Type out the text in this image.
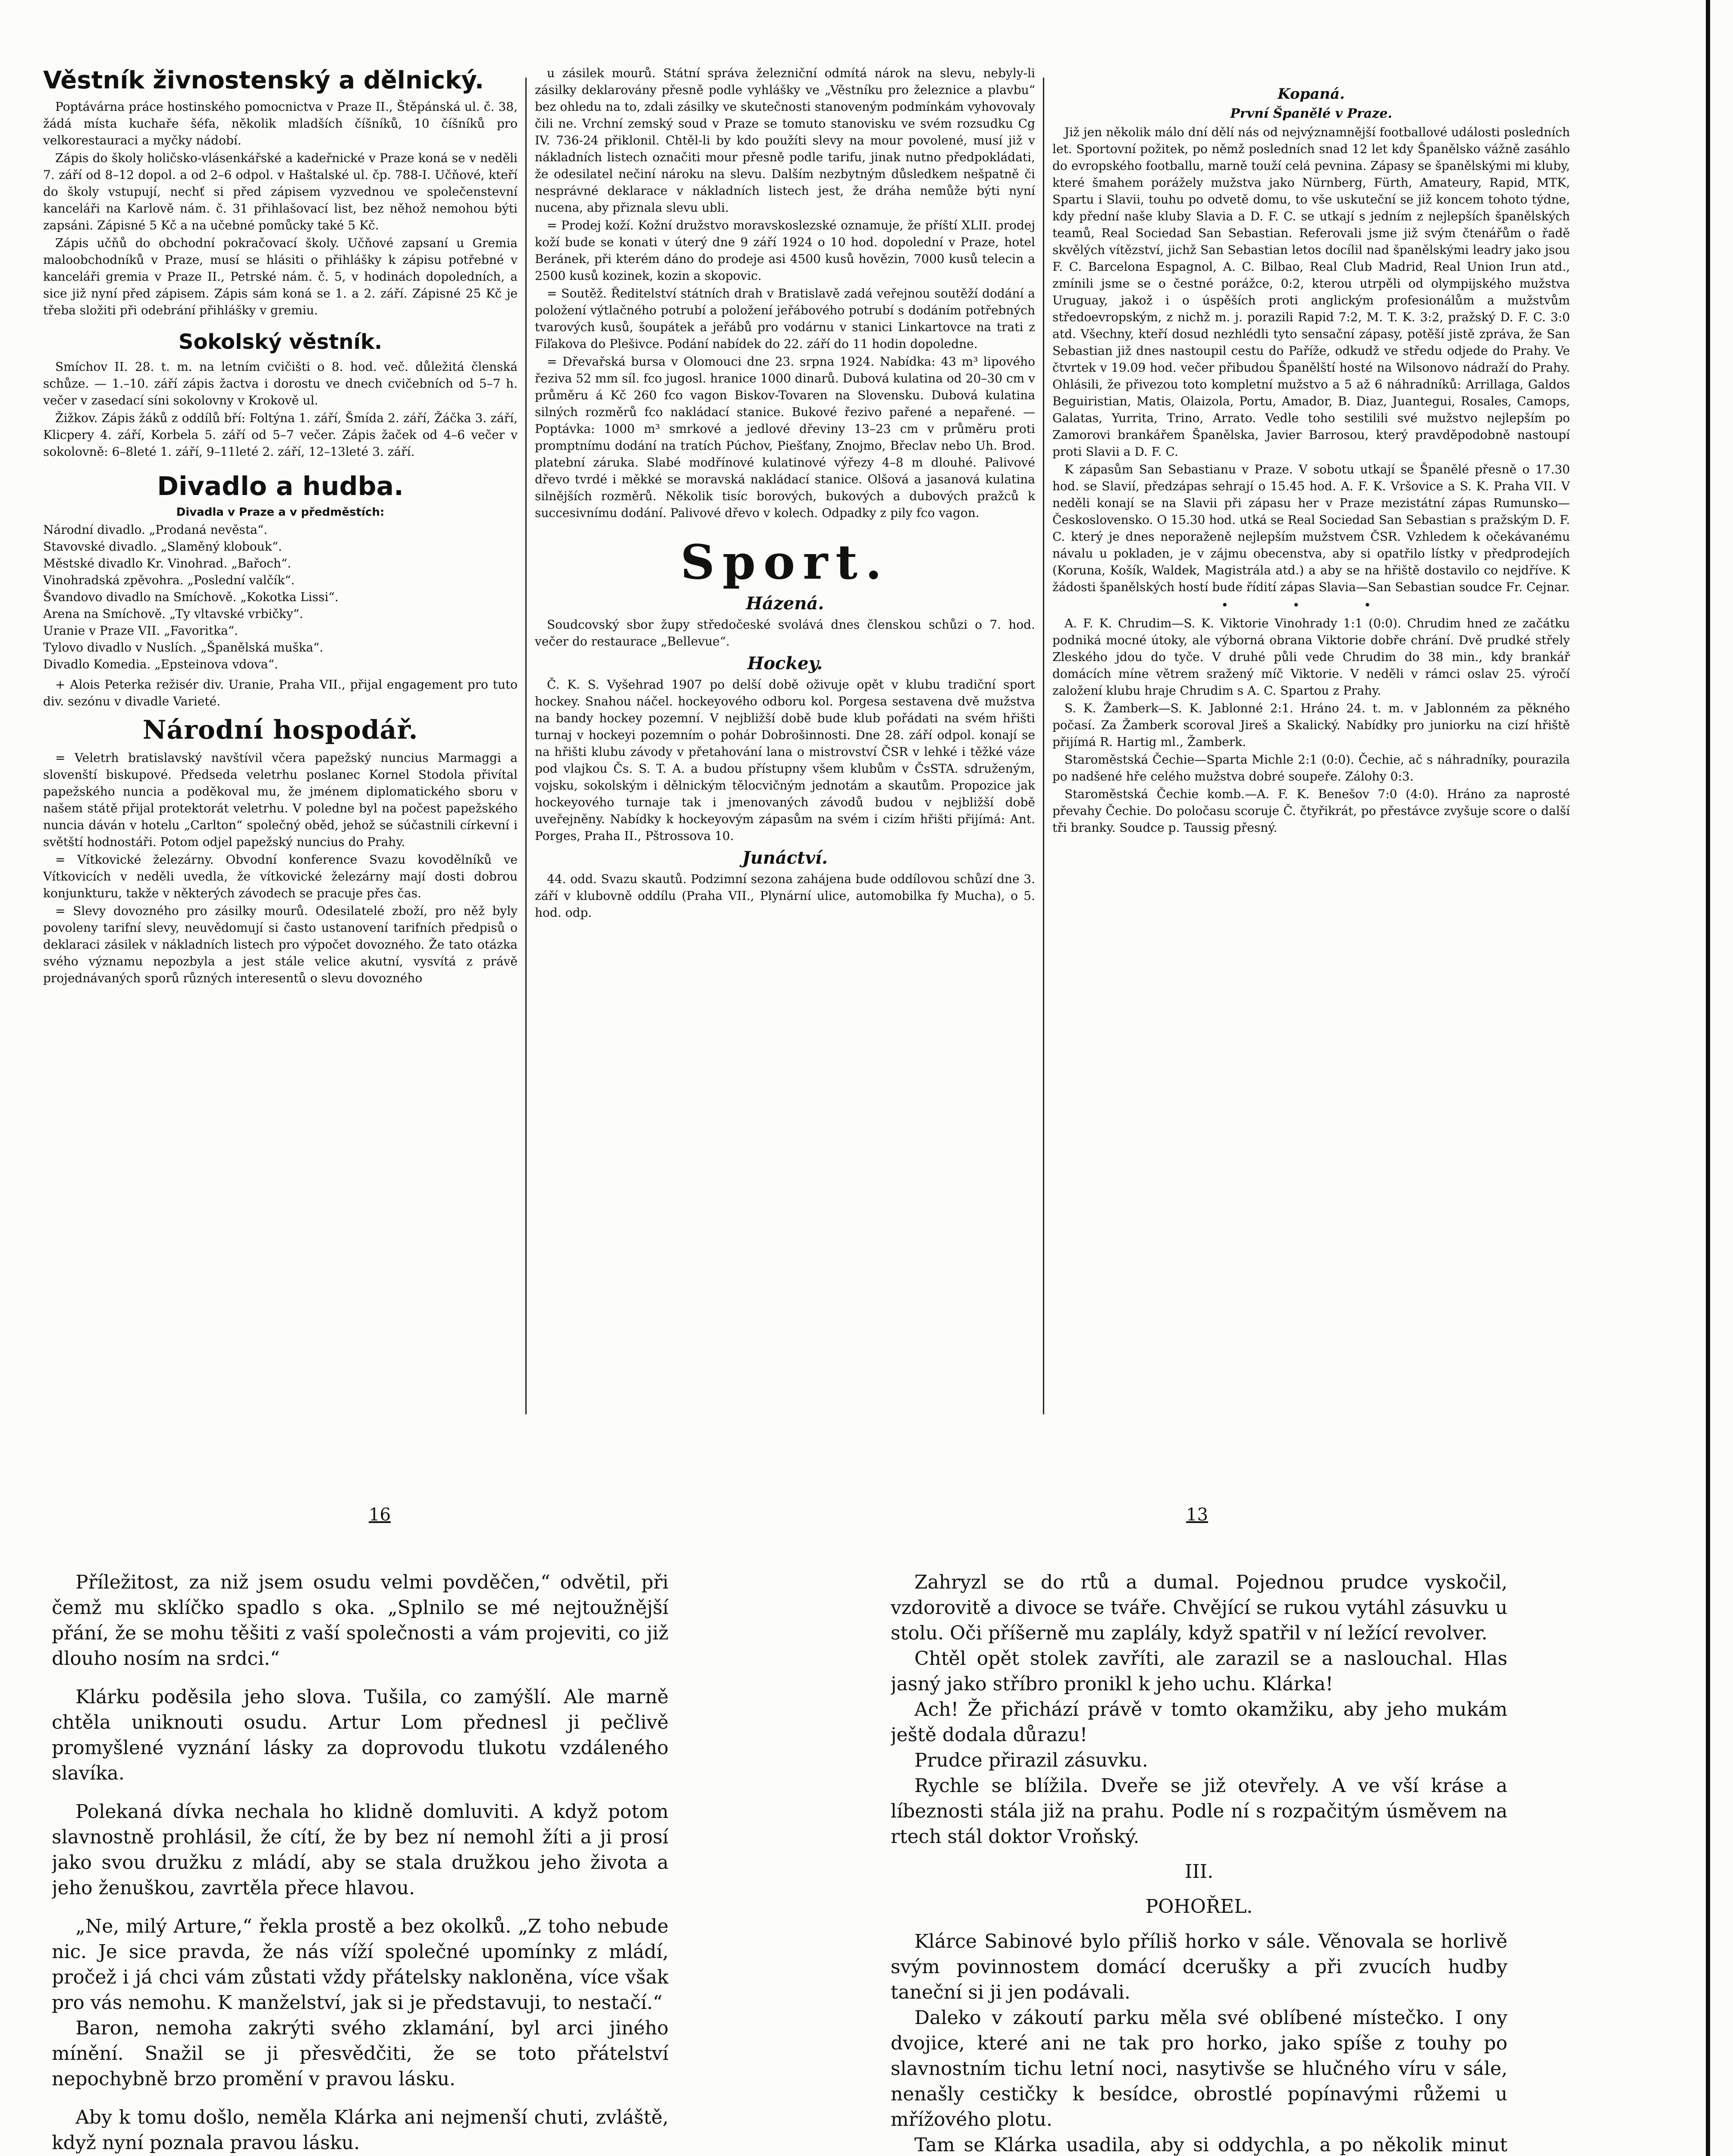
Věstník živnostenský a dělnický.

Poptávárna práce hostinského pomocnictva v Praze II., Štěpánská ul. č. 38, žádá místa kuchaře šéfa, několik mladších číšníků, 10 číšníků pro velkorestauraci a myčky nádobí.

Zápis do školy holičsko-vlásenkářské a kadeřnické v Praze koná se v neděli 7. září od 8–12 dopol. a od 2–6 odpol. v Haštalské ul. čp. 788-I. Učňové, kteří do školy vstupují, nechť si před zápisem vyzvednou ve společenstevní kanceláři na Karlově nám. č. 31 přihlašovací list, bez něhož nemohou býti zapsáni. Zápisné 5 Kč a na učebné pomůcky také 5 Kč.

Zápis učňů do obchodní pokračovací školy. Učňové zapsaní u Gremia maloobchodníků v Praze, musí se hlásiti o přihlášky k zápisu potřebné v kanceláři gremia v Praze II., Petrské nám. č. 5, v hodinách dopoledních, a sice již nyní před zápisem. Zápis sám koná se 1. a 2. září. Zápisné 25 Kč je třeba složiti při odebrání přihlášky v gremiu.

Sokolský věstník.

Smíchov II. 28. t. m. na letním cvičišti o 8. hod. več. důležitá členská schůze. — 1.–10. září zápis žactva i dorostu ve dnech cvičebních od 5–7 h. večer v zasedací síni sokolovny v Krokově ul.

Žižkov. Zápis žáků z oddílů bří: Foltýna 1. září, Šmída 2. září, Žáčka 3. září, Klicpery 4. září, Korbela 5. září od 5–7 večer. Zápis žaček od 4–6 večer v sokolovně: 6–8leté 1. září, 9–11leté 2. září, 12–13leté 3. září.

Divadlo a hudba.
Divadla v Praze a v předměstích:

Národní divadlo. „Prodaná nevěsta“.

Stavovské divadlo. „Slaměný klobouk“.

Městské divadlo Kr. Vinohrad. „Bařoch“.

Vinohradská zpěvohra. „Poslední valčík“.

Švandovo divadlo na Smíchově. „Kokotka Lissi“.

Arena na Smíchově. „Ty vltavské vrbičky“.

Uranie v Praze VII. „Favoritka“.

Tylovo divadlo v Nuslích. „Španělská muška“.

Divadlo Komedia. „Epsteinova vdova“.

+ Alois Peterka režisér div. Uranie, Praha VII., přijal engagement pro tuto div. sezónu v divadle Varieté.

Národní hospodář.

= Veletrh bratislavský navštívil včera papežský nuncius Marmaggi a slovenští biskupové. Předseda veletrhu poslanec Kornel Stodola přivítal papežského nuncia a poděkoval mu, že jménem diplomatického sboru v našem státě přijal protektorát veletrhu. V poledne byl na počest papežského nuncia dáván v hotelu „Carlton“ společný oběd, jehož se súčastnili církevní i světští hodnostáři. Potom odjel papežský nuncius do Prahy.

= Vítkovické železárny. Obvodní konference Svazu kovodělníků ve Vítkovicích v neděli uvedla, že vítkovické železárny mají dosti dobrou konjunkturu, takže v některých závodech se pracuje přes čas.

= Slevy dovozného pro zásilky mourů. Odesilatelé zboží, pro něž byly povoleny tarifní slevy, neuvědomují si často ustanovení tarifních předpisů o deklaraci zásilek v nákladních listech pro výpočet dovozného. Že tato otázka svého významu nepozbyla a jest stále velice akutní, vysvítá z právě projednávaných sporů různých interesentů o slevu dovozného

u zásilek mourů. Státní správa železniční odmítá nárok na slevu, nebyly-li zásilky deklarovány přesně podle vyhlášky ve „Věstníku pro železnice a plavbu“ bez ohledu na to, zdali zásilky ve skutečnosti stanoveným podmínkám vyhovovaly čili ne. Vrchní zemský soud v Praze se tomuto stanovisku ve svém rozsudku Cg IV. 736-24 přiklonil. Chtěl-li by kdo použíti slevy na mour povolené, musí již v nákladních listech označiti mour přesně podle tarifu, jinak nutno předpokládati, že odesilatel nečiní nároku na slevu. Dalším nezbytným důsledkem nešpatně či nesprávné deklarace v nákladních listech jest, že dráha nemůže býti nyní nucena, aby přiznala slevu ubli.

= Prodej koží. Kožní družstvo moravskoslezské oznamuje, že příští XLII. prodej koží bude se konati v úterý dne 9 září 1924 o 10 hod. dopolední v Praze, hotel Beránek, při kterém dáno do prodeje asi 4500 kusů hovězin, 7000 kusů telecin a 2500 kusů kozinek, kozin a skopovic.

= Soutěž. Ředitelství státních drah v Bratislavě zadá veřejnou soutěží dodání a položení výtlačného potrubí a položení jeřábového potrubí s dodáním potřebných tvarových kusů, šoupátek a jeřábů pro vodárnu v stanici Linkartovce na trati z Fiľakova do Plešivce. Podání nabídek do 22. září do 11 hodin dopoledne.

= Dřevařská bursa v Olomouci dne 23. srpna 1924. Nabídka: 43 m³ lipového řeziva 52 mm síl. fco jugosl. hranice 1000 dinarů. Dubová kulatina od 20–30 cm v průměru á Kč 260 fco vagon Biskov-Tovaren na Slovensku. Dubová kulatina silných rozměrů fco nakládací stanice. Bukové řezivo pařené a nepařené. — Poptávka: 1000 m³ smrkové a jedlové dřeviny 13–23 cm v průměru proti promptnímu dodání na tratích Púchov, Piešťany, Znojmo, Břeclav nebo Uh. Brod. platební záruka. Slabé modřínové kulatinové výřezy 4–8 m dlouhé. Palivové dřevo tvrdé i měkké se moravská nakládací stanice. Olšová a jasanová kulatina silnějších rozměrů. Několik tisíc borových, bukových a dubových pražců k succesivnímu dodání. Palivové dřevo v kolech. Odpadky z pily fco vagon.

Sport.
Házená.

Soudcovský sbor župy středočeské svolává dnes členskou schůzi o 7. hod. večer do restaurace „Bellevue“.

Hockey.

Č. K. S. Vyšehrad 1907 po delší době oživuje opět v klubu tradiční sport hockey. Snahou náčel. hockeyového odboru kol. Porgesa sestavena dvě mužstva na bandy hockey pozemní. V nejbližší době bude klub pořádati na svém hřišti turnaj v hockeyi pozemním o pohár Dobrošinnosti. Dne 28. září odpol. konají se na hřišti klubu závody v přetahování lana o mistrovství ČSR v lehké i těžké váze pod vlajkou Čs. S. T. A. a budou přístupny všem klubům v ČsSTA. sdruženým, vojsku, sokolským i dělnickým tělocvičným jednotám a skautům. Propozice jak hockeyového turnaje tak i jmenovaných závodů budou v nejbližší době uveřejněny. Nabídky k hockeyovým zápasům na svém i cizím hřišti přijímá: Ant. Porges, Praha II., Pštrossova 10.

Junáctví.

44. odd. Svazu skautů. Podzimní sezona zahájena bude oddílovou schůzí dne 3. září v klubovně oddílu (Praha VII., Plynární ulice, automobilka fy Mucha), o 5. hod. odp.

Kopaná.
První Španělé v Praze.

Již jen několik málo dní dělí nás od nejvýznamnější footballové události posledních let. Sportovní požitek, po němž posledních snad 12 let kdy Španělsko vážně zasáhlo do evropského footballu, marně touží celá pevnina. Zápasy se španělskými mi kluby, které šmahem porážely mužstva jako Nürnberg, Fürth, Amateury, Rapid, MTK, Spartu i Slavii, touhu po odvetě domu, to vše uskuteční se již koncem tohoto týdne, kdy přední naše kluby Slavia a D. F. C. se utkají s jedním z nejlepších španělských teamů, Real Sociedad San Sebastian. Referovali jsme již svým čtenářům o řadě skvělých vítězství, jichž San Sebastian letos docílil nad španělskými leadry jako jsou F. C. Barcelona Espagnol, A. C. Bilbao, Real Club Madrid, Real Union Irun atd., zmínili jsme se o čestné porážce, 0:2, kterou utrpěli od olympijského mužstva Uruguay, jakož i o úspěších proti anglickým profesionálům a mužstvům středoevropským, z nichž m. j. porazili Rapid 7:2, M. T. K. 3:2, pražský D. F. C. 3:0 atd. Všechny, kteří dosud nezhlédli tyto sensační zápasy, potěší jistě zpráva, že San Sebastian již dnes nastoupil cestu do Paříže, odkudž ve středu odjede do Prahy. Ve čtvrtek v 19.09 hod. večer přibudou Španělští hosté na Wilsonovo nádraží do Prahy. Ohlásili, že přivezou toto kompletní mužstvo a 5 až 6 náhradníků: Arrillaga, Galdos Beguiristian, Matis, Olaizola, Portu, Amador, B. Diaz, Juantegui, Rosales, Camops, Galatas, Yurrita, Trino, Arrato. Vedle toho sestilili své mužstvo nejlepším po Zamorovi brankářem Španělska, Javier Barrosou, který pravděpodobně nastoupí proti Slavii a D. F. C.

K zápasům San Sebastianu v Praze. V sobotu utkají se Španělé přesně o 17.30 hod. se Slavií, předzápas sehrají o 15.45 hod. A. F. K. Vršovice a S. K. Praha VII. V neděli konají se na Slavii při zápasu her v Praze mezistátní zápas Rumunsko—Československo. O 15.30 hod. utká se Real Sociedad San Sebastian s pražským D. F. C. který je dnes neporaženě nejlepším mužstvem ČSR. Vzhledem k očekávanému návalu u pokladen, je v zájmu obecenstva, aby si opatřilo lístky v předprodejích (Koruna, Košík, Waldek, Magistrála atd.) a aby se na hřiště dostavilo co nejdříve. K žádosti španělských hostí bude řídití zápas Slavia—San Sebastian soudce Fr. Cejnar.

• • •

A. F. K. Chrudim—S. K. Viktorie Vinohrady 1:1 (0:0). Chrudim hned ze začátku podniká mocné útoky, ale výborná obrana Viktorie dobře chrání. Dvě prudké střely Zleského jdou do tyče. V druhé půli vede Chrudim do 38 min., kdy brankář domácích míne větrem sražený míč Viktorie. V neděli v rámci oslav 25. výročí založení klubu hraje Chrudim s A. C. Spartou z Prahy.

S. K. Žamberk—S. K. Jablonné 2:1. Hráno 24. t. m. v Jablonném za pěkného počasí. Za Žamberk scoroval Jireš a Skalický. Nabídky pro juniorku na cizí hřiště přijímá R. Hartig ml., Žamberk.

Staroměstská Čechie—Sparta Michle 2:1 (0:0). Čechie, ač s náhradníky, pourazila po nadšené hře celého mužstva dobré soupeře. Zálohy 0:3.

Staroměstská Čechie komb.—A. F. K. Benešov 7:0 (4:0). Hráno za naprosté převahy Čechie. Do poločasu scoruje Č. čtyřikrát, po přestávce zvyšuje score o další tři branky. Soudce p. Taussig přesný.

16	13

Příležitost, za niž jsem osudu velmi povděčen,“ odvětil, při čemž mu sklíčko spadlo s oka. „Splnilo se mé nejtoužnější přání, že se mohu těšiti z vaší společnosti a vám projeviti, co již dlouho nosím na srdci.“

Klárku poděsila jeho slova. Tušila, co zamýšlí. Ale marně chtěla uniknouti osudu. Artur Lom přednesl ji pečlivě promyšlené vyznání lásky za doprovodu tlukotu vzdáleného slavíka.

Polekaná dívka nechala ho klidně domluviti. A když potom slavnostně prohlásil, že cítí, že by bez ní nemohl žíti a ji prosí jako svou družku z mládí, aby se stala družkou jeho života a jeho ženuškou, zavrtěla přece hlavou.

„Ne, milý Arture,“ řekla prostě a bez okolků. „Z toho nebude nic. Je sice pravda, že nás víží společné upomínky z mládí, pročež i já chci vám zůstati vždy přátelsky nakloněna, více však pro vás nemohu. K manželství, jak si je představuji, to nestačí.“

Baron, nemoha zakrýti svého zklamání, byl arci jiného mínění. Snažil se ji přesvědčiti, že se toto přátelství nepochybně brzo promění v pravou lásku.

Aby k tomu došlo, neměla Klárka ani nejmenší chuti, zvláště, když nyní poznala pravou lásku.

Zahryzl se do rtů a dumal. Pojednou prudce vyskočil, vzdorovitě a divoce se tváře. Chvějící se rukou vytáhl zásuvku u stolu. Oči příšerně mu zaplály, když spatřil v ní ležící revolver.

Chtěl opět stolek zavříti, ale zarazil se a naslouchal. Hlas jasný jako stříbro pronikl k jeho uchu. Klárka!

Ach! Že přichází právě v tomto okamžiku, aby jeho mukám ještě dodala důrazu!

Prudce přirazil zásuvku.

Rychle se blížila. Dveře se již otevřely. A ve vší kráse a líbeznosti stála již na prahu. Podle ní s rozpačitým úsměvem na rtech stál doktor Vroňský.

III.

POHOŘEL.

Klárce Sabinové bylo příliš horko v sále. Věnovala se horlivě svým povinnostem domácí dcerušky a při zvucích hudby taneční si ji jen podávali.

Daleko v zákoutí parku měla své oblíbené místečko. I ony dvojice, které ani ne tak pro horko, jako spíše z touhy po slavnostním tichu letní noci, nasytivše se hlučného víru v sále, nenašly cestičky k besídce, obrostlé popínavými růžemi u mřížového plotu.

Tam se Klárka usadila, aby si oddychla, a po několik minut
